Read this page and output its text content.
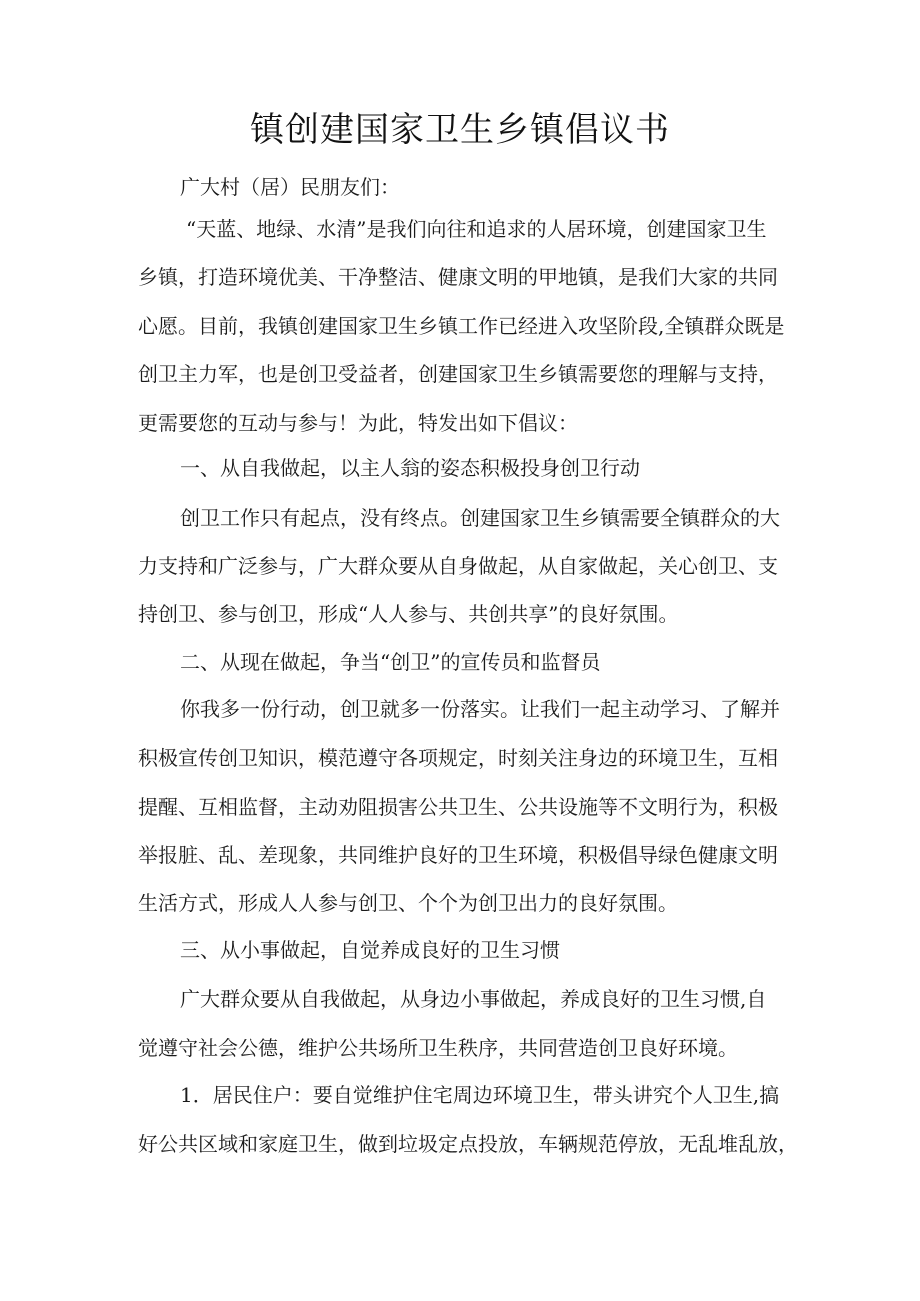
镇创建国家卫生乡镇倡议书
广大村（居）民朋友们：
“天蓝、地绿、水清”是我们向往和追求的人居环境，创建国家卫生
乡镇，打造环境优美、干净整洁、健康文明的甲地镇，是我们大家的共同
心愿。目前，我镇创建国家卫生乡镇工作已经进入攻坚阶段,全镇群众既是
创卫主力军，也是创卫受益者，创建国家卫生乡镇需要您的理解与支持，
更需要您的互动与参与！为此，特发出如下倡议：
一、从自我做起，以主人翁的姿态积极投身创卫行动
创卫工作只有起点，没有终点。创建国家卫生乡镇需要全镇群众的大
力支持和广泛参与，广大群众要从自身做起，从自家做起，关心创卫、支
持创卫、参与创卫，形成“人人参与、共创共享”的良好氛围。
二、从现在做起，争当“创卫”的宣传员和监督员
你我多一份行动，创卫就多一份落实。让我们一起主动学习、了解并
积极宣传创卫知识，模范遵守各项规定，时刻关注身边的环境卫生，互相
提醒、互相监督，主动劝阻损害公共卫生、公共设施等不文明行为，积极
举报脏、乱、差现象，共同维护良好的卫生环境，积极倡导绿色健康文明
生活方式，形成人人参与创卫、个个为创卫出力的良好氛围。
三、从小事做起，自觉养成良好的卫生习惯
广大群众要从自我做起，从身边小事做起，养成良好的卫生习惯,自
觉遵守社会公德，维护公共场所卫生秩序，共同营造创卫良好环境。
1．居民住户：要自觉维护住宅周边环境卫生，带头讲究个人卫生,搞
好公共区域和家庭卫生，做到垃圾定点投放，车辆规范停放，无乱堆乱放，
